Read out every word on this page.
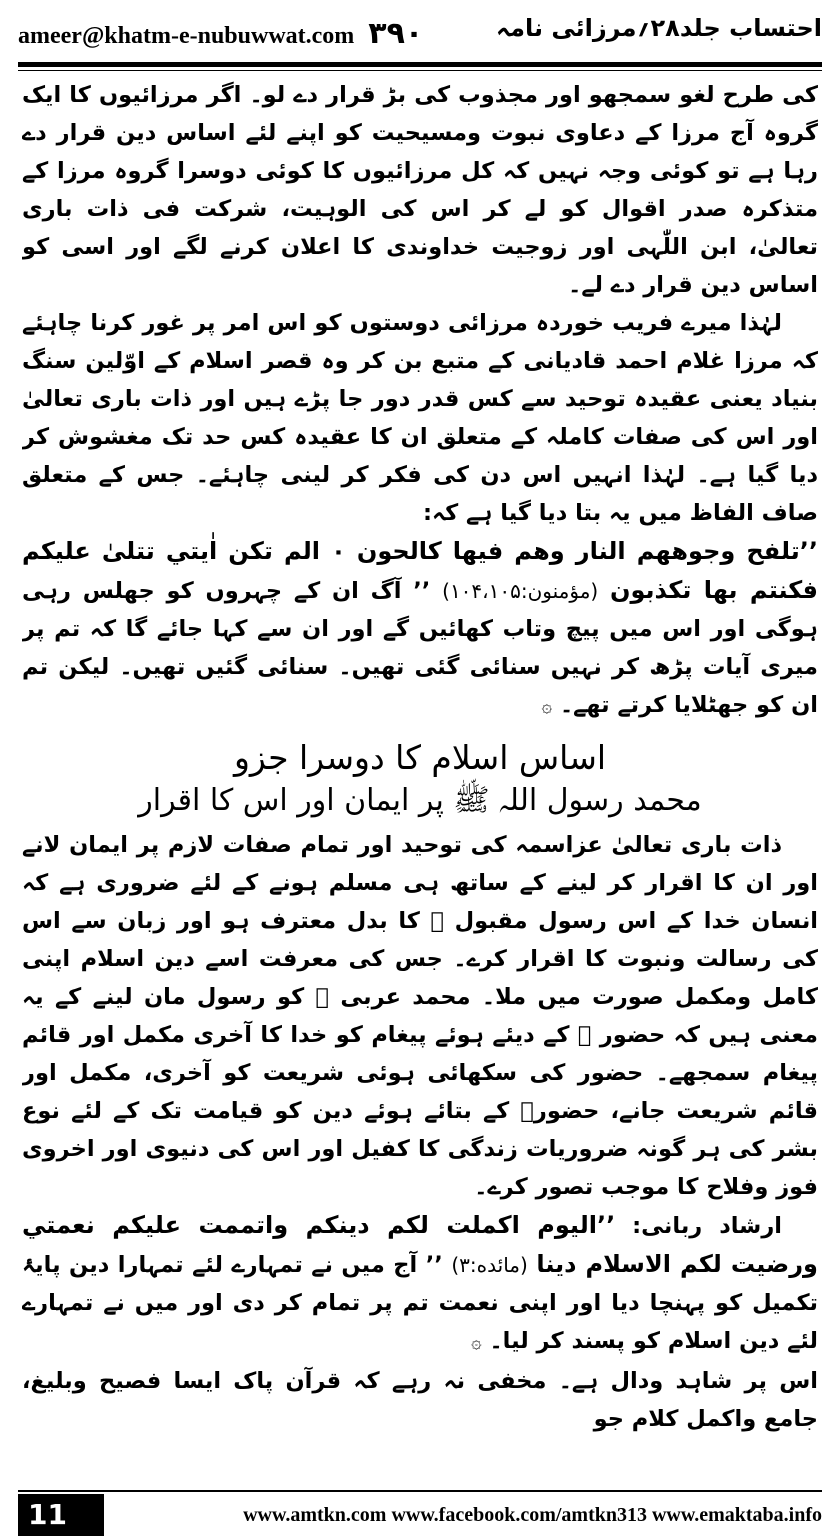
ameer@khatm-e-nubuwwat.com ۳۹۰	احتساب جلد۲۸؍مرزائی نامہ

کی طرح لغو سمجھو اور مجذوب کی بڑ قرار دے لو۔ اگر مرزائیوں کا ایک گروہ آج مرزا کے دعاوی نبوت ومسیحیت کو اپنے لئے اساس دین قرار دے رہا ہے تو کوئی وجہ نہیں کہ کل مرزائیوں کا کوئی دوسرا گروہ مرزا کے متذکرہ صدر اقوال کو لے کر اس کی الوہیت، شرکت فی ذات باری تعالیٰ، ابن اللّٰہی اور زوجیت خداوندی کا اعلان کرنے لگے اور اسی کو اساس دین قرار دے لے۔

لہٰذا میرے فریب خوردہ مرزائی دوستوں کو اس امر پر غور کرنا چاہئے کہ مرزا غلام احمد قادیانی کے متبع بن کر وہ قصر اسلام کے اوّلین سنگ بنیاد یعنی عقیدہ توحید سے کس قدر دور جا پڑے ہیں اور ذات باری تعالیٰ اور اس کی صفات کاملہ کے متعلق ان کا عقیدہ کس حد تک مغشوش کر دیا گیا ہے۔ لہٰذا انہیں اس دن کی فکر کر لینی چاہئے۔ جس کے متعلق صاف الفاظ میں یہ بتا دیا گیا ہے کہ:

’’تلفح وجوههم النار وهم فيها كالحون ۰ الم تكن اٰيتي تتلىٰ عليكم فكنتم بها تكذبون (مؤمنون:۱۰۴،۱۰۵) ’’ آگ ان کے چہروں کو جھلس رہی ہوگی اور اس میں پیچ وتاب کھائیں گے اور ان سے کہا جائے گا کہ تم پر میری آیات پڑھ کر نہیں سنائی گئی تھیں۔ سنائی گئیں تھیں۔ لیکن تم ان کو جھٹلایا کرتے تھے۔ ۞

اساس اسلام کا دوسرا جزو
محمد رسول اللہ ﷺ پر ایمان اور اس کا اقرار

ذات باری تعالیٰ عزاسمہ کی توحید اور تمام صفات لازم پر ایمان لانے اور ان کا اقرار کر لینے کے ساتھ ہی مسلم ہونے کے لئے ضروری ہے کہ انسان خدا کے اس رسول مقبول ﷺ کا بدل معترف ہو اور زبان سے اس کی رسالت ونبوت کا اقرار کرے۔ جس کی معرفت اسے دین اسلام اپنی کامل ومکمل صورت میں ملا۔ محمد عربی ﷺ کو رسول مان لینے کے یہ معنی ہیں کہ حضور ﷺ کے دیئے ہوئے پیغام کو خدا کا آخری مکمل اور قائم پیغام سمجھے۔ حضور کی سکھائی ہوئی شریعت کو آخری، مکمل اور قائم شریعت جانے، حضورؐ کے بتائے ہوئے دین کو قیامت تک کے لئے نوع بشر کی ہر گونہ ضروریات زندگی کا کفیل اور اس کی دنیوی اور اخروی فوز وفلاح کا موجب تصور کرے۔

ارشاد ربانی: ’’اليوم اكملت لكم دينكم واتممت عليكم نعمتي ورضيت لكم الاسلام دينا (مائده:۳) ’’ آج میں نے تمہارے لئے تمہارا دین پایۂ تکمیل کو پہنچا دیا اور اپنی نعمت تم پر تمام کر دی اور میں نے تمہارے لئے دین اسلام کو پسند کر لیا۔ ۞

اس پر شاہد ودال ہے۔ مخفی نہ رہے کہ قرآن پاک ایسا فصیح وبلیغ، جامع واکمل کلام جو

11	www.amtkn.com www.facebook.com/amtkn313 www.emaktaba.info
